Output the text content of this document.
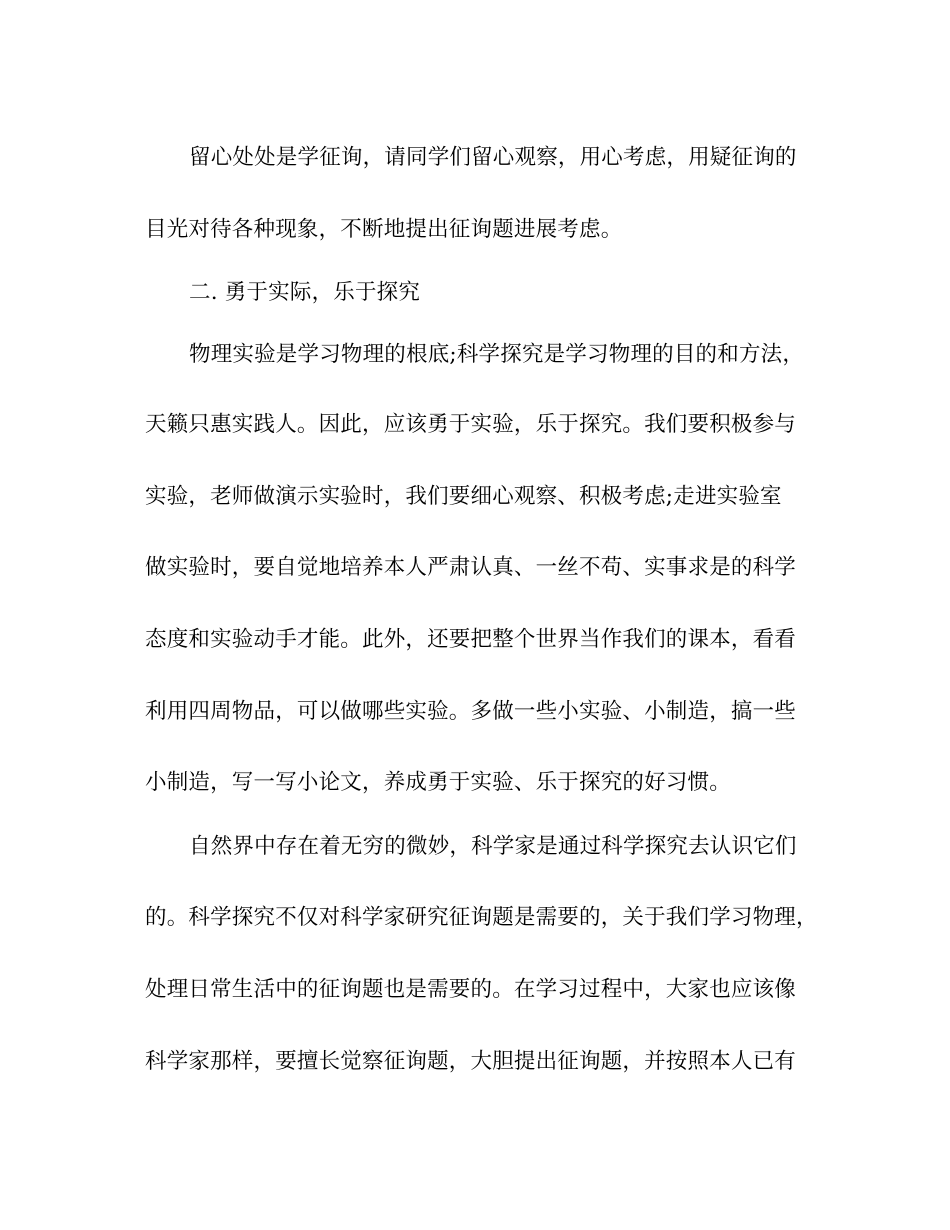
留心处处是学征询，请同学们留心观察，用心考虑，用疑征询的
目光对待各种现象，不断地提出征询题进展考虑。
二. 勇于实际，乐于探究
物理实验是学习物理的根底;科学探究是学习物理的目的和方法，
天籁只惠实践人。因此，应该勇于实验，乐于探究。我们要积极参与
实验，老师做演示实验时，我们要细心观察、积极考虑;走进实验室
做实验时，要自觉地培养本人严肃认真、一丝不苟、实事求是的科学
态度和实验动手才能。此外，还要把整个世界当作我们的课本，看看
利用四周物品，可以做哪些实验。多做一些小实验、小制造，搞一些
小制造，写一写小论文，养成勇于实验、乐于探究的好习惯。
自然界中存在着无穷的微妙，科学家是通过科学探究去认识它们
的。科学探究不仅对科学家研究征询题是需要的，关于我们学习物理，
处理日常生活中的征询题也是需要的。在学习过程中，大家也应该像
科学家那样，要擅长觉察征询题，大胆提出征询题，并按照本人已有
